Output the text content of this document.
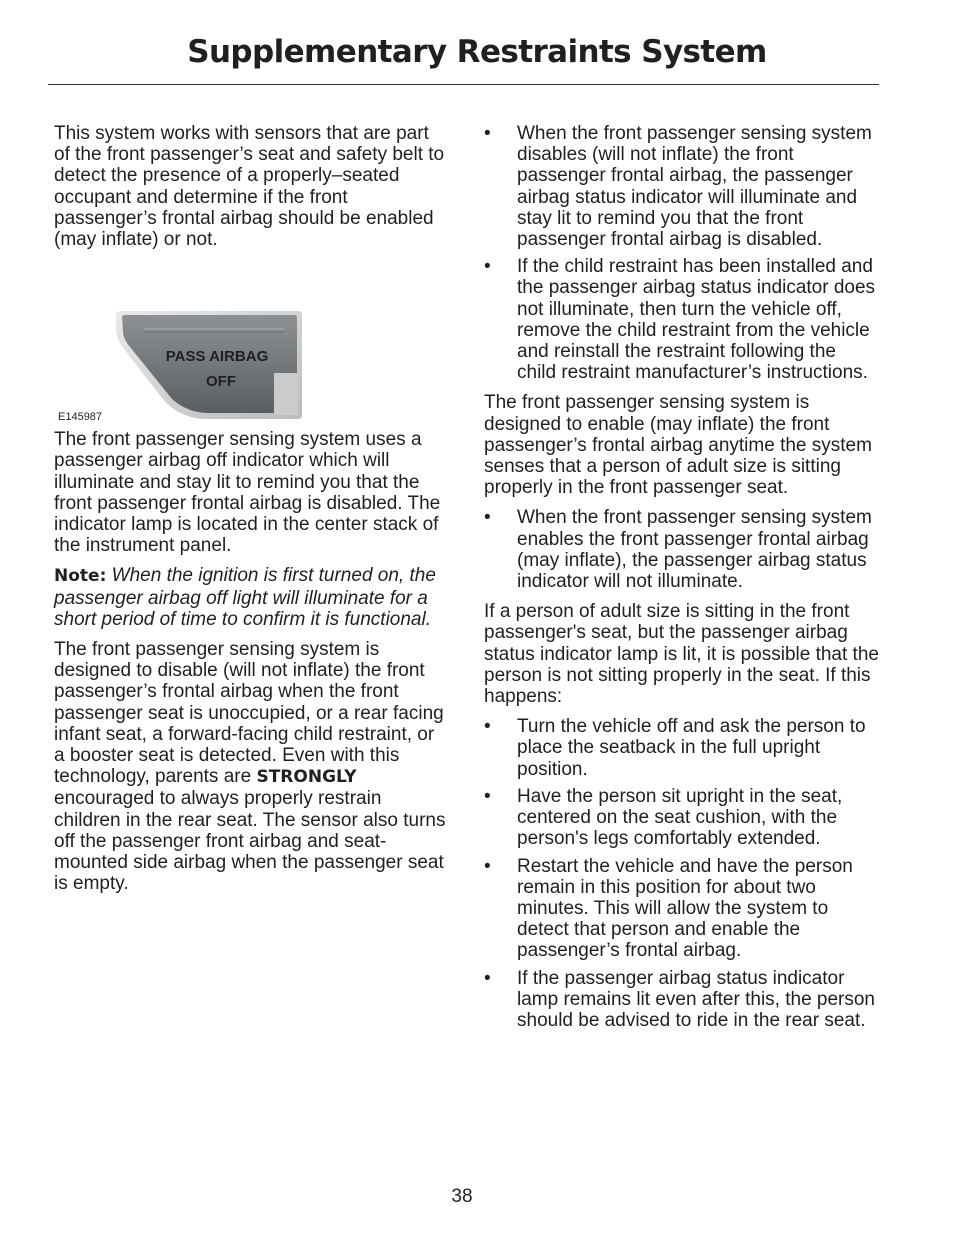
Supplementary Restraints System

This system works with sensors that are part of the front passenger’s seat and safety belt to detect the presence of a properly–seated occupant and determine if the front passenger’s frontal airbag should be enabled (may inflate) or not.

PASS AIRBAG
OFF
E145987

The front passenger sensing system uses a passenger airbag off indicator which will illuminate and stay lit to remind you that the front passenger frontal airbag is disabled. The indicator lamp is located in the center stack of the instrument panel.

Note: When the ignition is first turned on, the passenger airbag off light will illuminate for a short period of time to confirm it is functional.

The front passenger sensing system is designed to disable (will not inflate) the front passenger’s frontal airbag when the front passenger seat is unoccupied, or a rear facing infant seat, a forward-facing child restraint, or a booster seat is detected. Even with this technology, parents are STRONGLY encouraged to always properly restrain children in the rear seat. The sensor also turns off the passenger front airbag and seat-mounted side airbag when the passenger seat is empty.

• When the front passenger sensing system disables (will not inflate) the front passenger frontal airbag, the passenger airbag status indicator will illuminate and stay lit to remind you that the front passenger frontal airbag is disabled.
• If the child restraint has been installed and the passenger airbag status indicator does not illuminate, then turn the vehicle off, remove the child restraint from the vehicle and reinstall the restraint following the child restraint manufacturer’s instructions.

The front passenger sensing system is designed to enable (may inflate) the front passenger’s frontal airbag anytime the system senses that a person of adult size is sitting properly in the front passenger seat.

• When the front passenger sensing system enables the front passenger frontal airbag (may inflate), the passenger airbag status indicator will not illuminate.

If a person of adult size is sitting in the front passenger's seat, but the passenger airbag status indicator lamp is lit, it is possible that the person is not sitting properly in the seat. If this happens:

• Turn the vehicle off and ask the person to place the seatback in the full upright position.
• Have the person sit upright in the seat, centered on the seat cushion, with the person's legs comfortably extended.
• Restart the vehicle and have the person remain in this position for about two minutes. This will allow the system to detect that person and enable the passenger’s frontal airbag.
• If the passenger airbag status indicator lamp remains lit even after this, the person should be advised to ride in the rear seat.
38
